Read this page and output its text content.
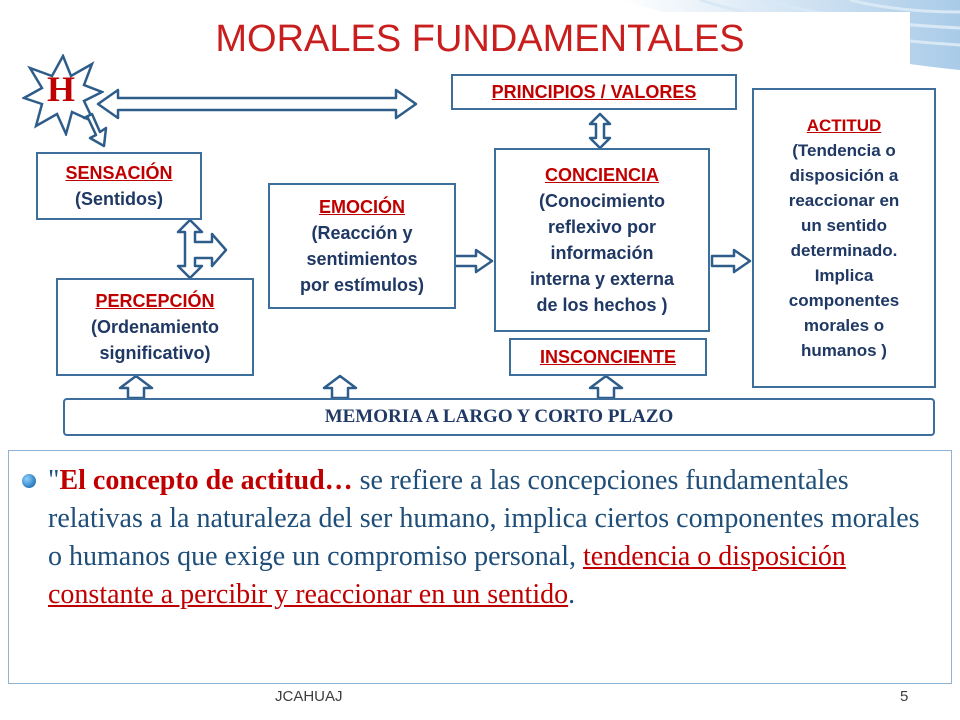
MORALES FUNDAMENTALES
H	PRINCIPIOS / VALORES
SENSACIÓN
(Sentidos)	EMOCIÓN
(Reacción y
sentimientos
por estímulos)
CONCIENCIA
(Conocimiento
reflexivo por
información
interna y externa
de los hechos )
PERCEPCIÓN
(Ordenamiento
significativo)	INSCONCIENTE
ACTITUD
(Tendencia o
disposición a
reaccionar en
un sentido
determinado.
Implica
componentes
morales o
humanos )
MEMORIA A LARGO Y CORTO PLAZO
"El concepto de actitud… se refiere a las concepciones fundamentales relativas a la naturaleza del ser humano, implica ciertos componentes morales o humanos que exige un compromiso personal, tendencia o disposición constante a percibir y reaccionar en un sentido.
JCAHUAJ	5
